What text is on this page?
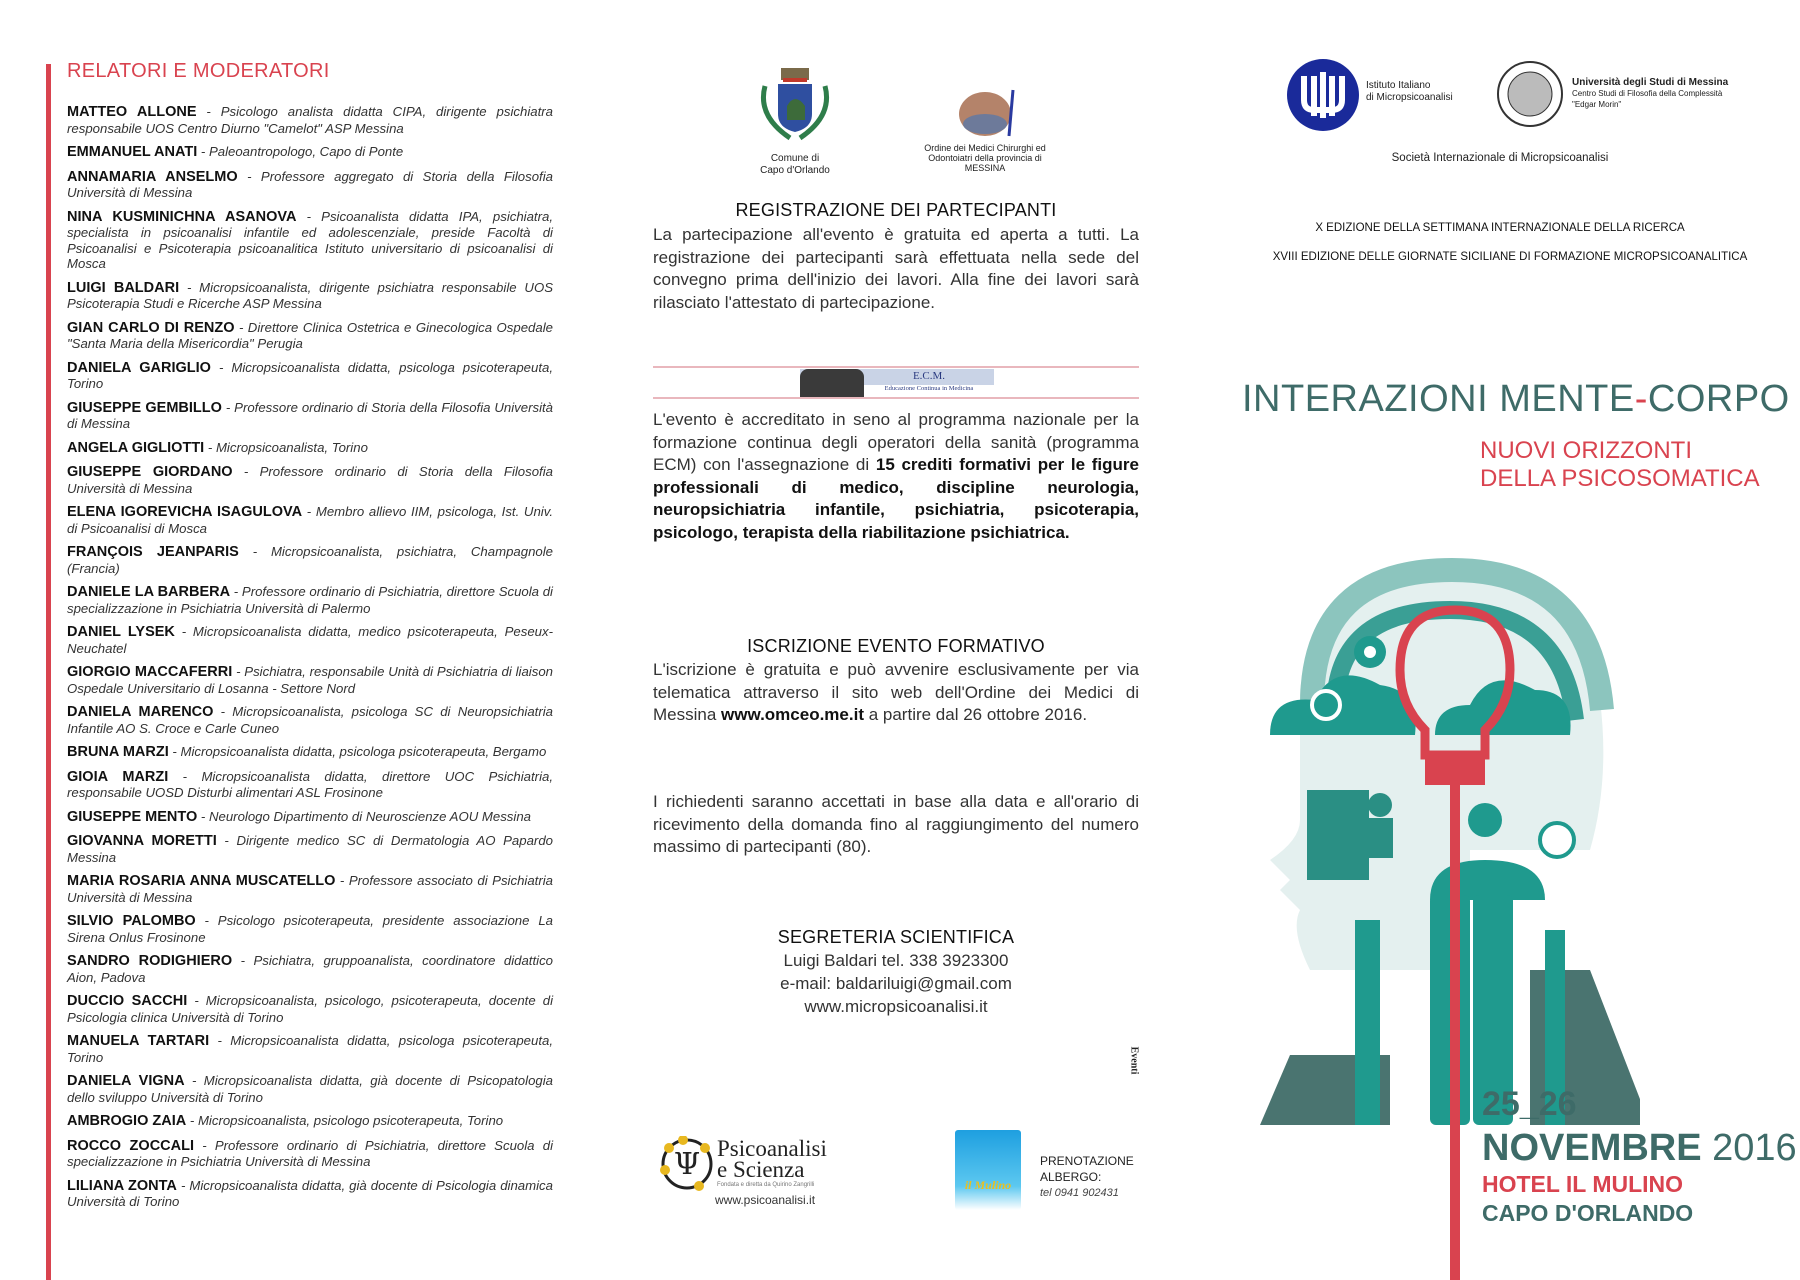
RELATORI E MODERATORI
MATTEO ALLONE - Psicologo analista didatta CIPA, dirigente psichiatra responsabile UOS Centro Diurno "Camelot" ASP Messina
EMMANUEL ANATI - Paleoantropologo, Capo di Ponte
ANNAMARIA ANSELMO - Professore aggregato di Storia della Filosofia Università di Messina
NINA KUSMINICHNA ASANOVA - Psicoanalista didatta IPA, psichiatra, specialista in psicoanalisi infantile ed adolescenziale, preside Facoltà di Psicoanalisi e Psicoterapia psicoanalitica Istituto universitario di psicoanalisi di Mosca
LUIGI BALDARI - Micropsicoanalista, dirigente psichiatra responsabile UOS Psicoterapia Studi e Ricerche ASP Messina
GIAN CARLO DI RENZO - Direttore Clinica Ostetrica e Ginecologica Ospedale "Santa Maria della Misericordia" Perugia
DANIELA GARIGLIO - Micropsicoanalista didatta, psicologa psicoterapeuta, Torino
GIUSEPPE GEMBILLO - Professore ordinario di Storia della Filosofia Università di Messina
ANGELA GIGLIOTTI - Micropsicoanalista, Torino
GIUSEPPE GIORDANO - Professore ordinario di Storia della Filosofia Università di Messina
ELENA IGOREVICHA ISAGULOVA - Membro allievo IIM, psicologa, Ist. Univ. di Psicoanalisi di Mosca
FRANÇOIS JEANPARIS - Micropsicoanalista, psichiatra, Champagnole (Francia)
DANIELE LA BARBERA - Professore ordinario di Psichiatria, direttore Scuola di specializzazione in Psichiatria Università di Palermo
DANIEL LYSEK - Micropsicoanalista didatta, medico psicoterapeuta, Peseux-Neuchatel
GIORGIO MACCAFERRI - Psichiatra, responsabile Unità di Psichiatria di liaison Ospedale Universitario di Losanna - Settore Nord
DANIELA MARENCO - Micropsicoanalista, psicologa SC di Neuropsichiatria Infantile AO S. Croce e Carle Cuneo
BRUNA MARZI - Micropsicoanalista didatta, psicologa psicoterapeuta, Bergamo
GIOIA MARZI - Micropsicoanalista didatta, direttore UOC Psichiatria, responsabile UOSD Disturbi alimentari ASL Frosinone
GIUSEPPE MENTO - Neurologo Dipartimento di Neuroscienze AOU Messina
GIOVANNA MORETTI - Dirigente medico SC di Dermatologia AO Papardo Messina
MARIA ROSARIA ANNA MUSCATELLO - Professore associato di Psichiatria Università di Messina
SILVIO PALOMBO - Psicologo psicoterapeuta, presidente associazione La Sirena Onlus Frosinone
SANDRO RODIGHIERO - Psichiatra, gruppoanalista, coordinatore didattico Aion, Padova
DUCCIO SACCHI - Micropsicoanalista, psicologo, psicoterapeuta, docente di Psicologia clinica Università di Torino
MANUELA TARTARI - Micropsicoanalista didatta, psicologa psicoterapeuta, Torino
DANIELA VIGNA - Micropsicoanalista didatta, già docente di Psicopatologia dello sviluppo Università di Torino
AMBROGIO ZAIA - Micropsicoanalista, psicologo psicoterapeuta, Torino
ROCCO ZOCCALI - Professore ordinario di Psichiatria, direttore Scuola di specializzazione in Psichiatria Università di Messina
LILIANA ZONTA - Micropsicoanalista didatta, già docente di Psicologia dinamica Università di Torino
Comune di
Capo d'Orlando
Ordine dei Medici Chirurghi ed
Odontoiatri della provincia di
MESSINA
REGISTRAZIONE DEI PARTECIPANTI
La partecipazione all'evento è gratuita ed aperta a tutti. La registrazione dei partecipanti sarà effettuata nella sede del convegno prima dell'inizio dei lavori. Alla fine dei lavori sarà rilasciato l'attestato di partecipazione.
E.C.M.
Educazione Continua in Medicina
L'evento è accreditato in seno al programma nazionale per la formazione continua degli operatori della sanità (programma ECM) con l'assegnazione di 15 crediti formativi per le figure professionali di medico, discipline neurologia, neuropsichiatria infantile, psichiatria, psicoterapia, psicologo, terapista della riabilitazione psichiatrica.
ISCRIZIONE EVENTO FORMATIVO
L'iscrizione è gratuita e può avvenire esclusivamente per via telematica attraverso il sito web dell'Ordine dei Medici di Messina www.omceo.me.it a partire dal 26 ottobre 2016.
I richiedenti saranno accettati in base alla data e all'orario di ricevimento della domanda fino al raggiungimento del numero massimo di partecipanti (80).
SEGRETERIA SCIENTIFICA
Luigi Baldari tel. 338 3923300
e-mail: baldariluigi@gmail.com
www.micropsicoanalisi.it
Eventi
Ψ Psicoanalisi
e Scienza
Fondata e diretta da Quirino Zangrilli
www.psicoanalisi.it
il Mulino
PRENOTAZIONE
ALBERGO:
tel 0941 902431
Istituto Italiano
di Micropsicoanalisi
Università degli Studi di Messina
Centro Studi di Filosofia della Complessità
"Edgar Morin"
Società Internazionale di Micropsicoanalisi
X EDIZIONE DELLA SETTIMANA INTERNAZIONALE DELLA RICERCA
XVIII EDIZIONE DELLE GIORNATE SICILIANE DI FORMAZIONE MICROPSICOANALITICA
INTERAZIONI MENTE-CORPO
NUOVI ORIZZONTI
DELLA PSICOSOMATICA
25_26
NOVEMBRE 2016
HOTEL IL MULINO
CAPO D'ORLANDO
